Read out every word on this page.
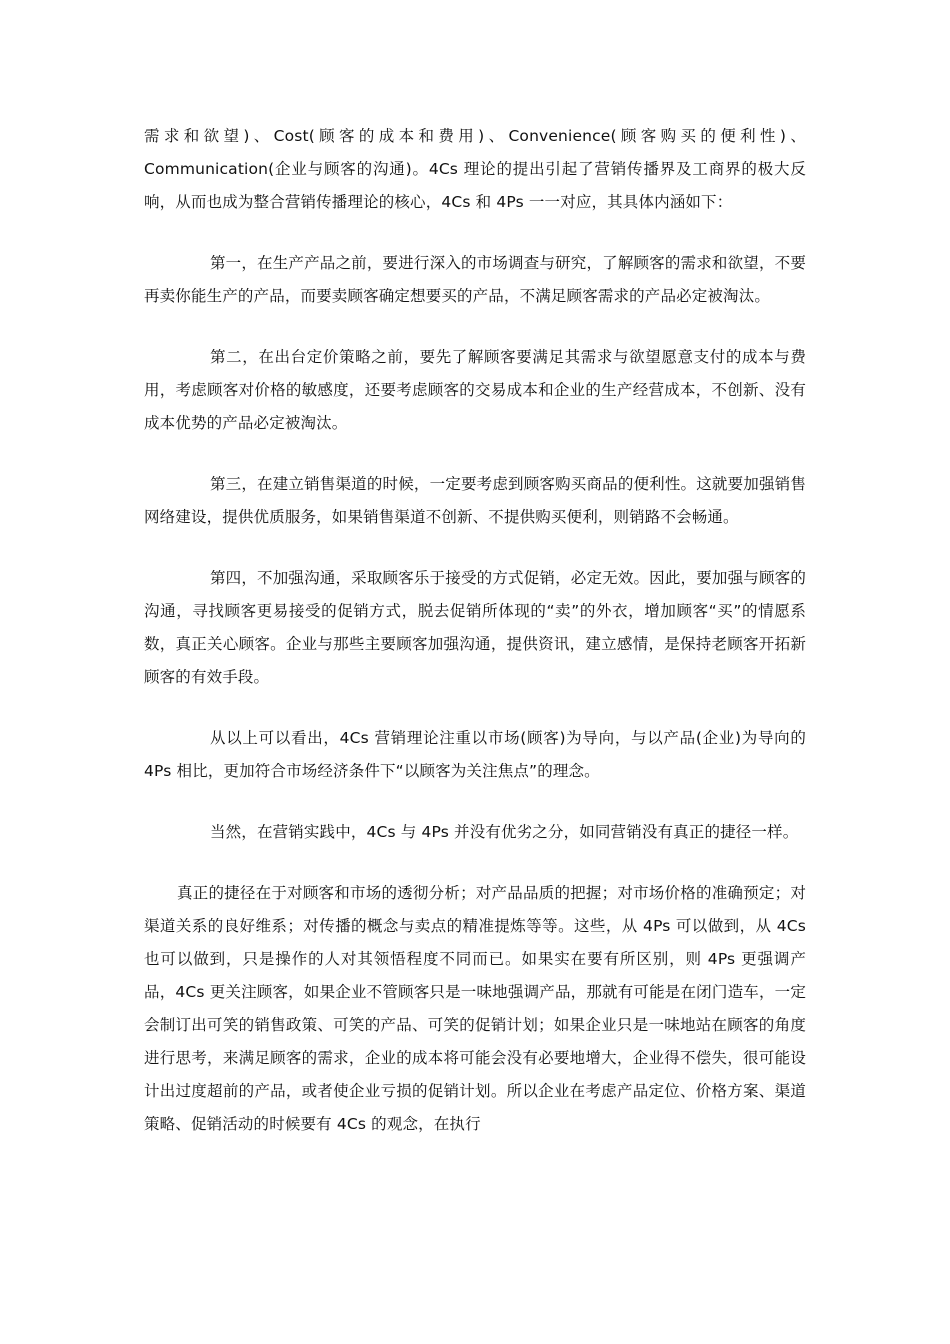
需求和欲望)、Cost(顾客的成本和费用)、Convenience(顾客购买的便利性)、Communication(企业与顾客的沟通)。4Cs 理论的提出引起了营销传播界及工商界的极大反响，从而也成为整合营销传播理论的核心，4Cs 和 4Ps 一一对应，其具体内涵如下：

第一，在生产产品之前，要进行深入的市场调查与研究，了解顾客的需求和欲望，不要再卖你能生产的产品，而要卖顾客确定想要买的产品，不满足顾客需求的产品必定被淘汰。

第二，在出台定价策略之前，要先了解顾客要满足其需求与欲望愿意支付的成本与费用，考虑顾客对价格的敏感度，还要考虑顾客的交易成本和企业的生产经营成本，不创新、没有成本优势的产品必定被淘汰。

第三，在建立销售渠道的时候，一定要考虑到顾客购买商品的便利性。这就要加强销售网络建设，提供优质服务，如果销售渠道不创新、不提供购买便利，则销路不会畅通。

第四，不加强沟通，采取顾客乐于接受的方式促销，必定无效。因此，要加强与顾客的沟通，寻找顾客更易接受的促销方式，脱去促销所体现的“卖”的外衣，增加顾客“买”的情愿系数，真正关心顾客。企业与那些主要顾客加强沟通，提供资讯，建立感情，是保持老顾客开拓新顾客的有效手段。

从以上可以看出，4Cs 营销理论注重以市场(顾客)为导向，与以产品(企业)为导向的 4Ps 相比，更加符合市场经济条件下“以顾客为关注焦点”的理念。

当然，在营销实践中，4Cs 与 4Ps 并没有优劣之分，如同营销没有真正的捷径一样。

真正的捷径在于对顾客和市场的透彻分析；对产品品质的把握；对市场价格的准确预定；对渠道关系的良好维系；对传播的概念与卖点的精准提炼等等。这些，从 4Ps 可以做到，从 4Cs 也可以做到，只是操作的人对其领悟程度不同而已。如果实在要有所区别，则 4Ps 更强调产品，4Cs 更关注顾客，如果企业不管顾客只是一味地强调产品，那就有可能是在闭门造车，一定会制订出可笑的销售政策、可笑的产品、可笑的促销计划；如果企业只是一味地站在顾客的角度进行思考，来满足顾客的需求，企业的成本将可能会没有必要地增大，企业得不偿失，很可能设计出过度超前的产品，或者使企业亏损的促销计划。所以企业在考虑产品定位、价格方案、渠道策略、促销活动的时候要有 4Cs 的观念，在执行
